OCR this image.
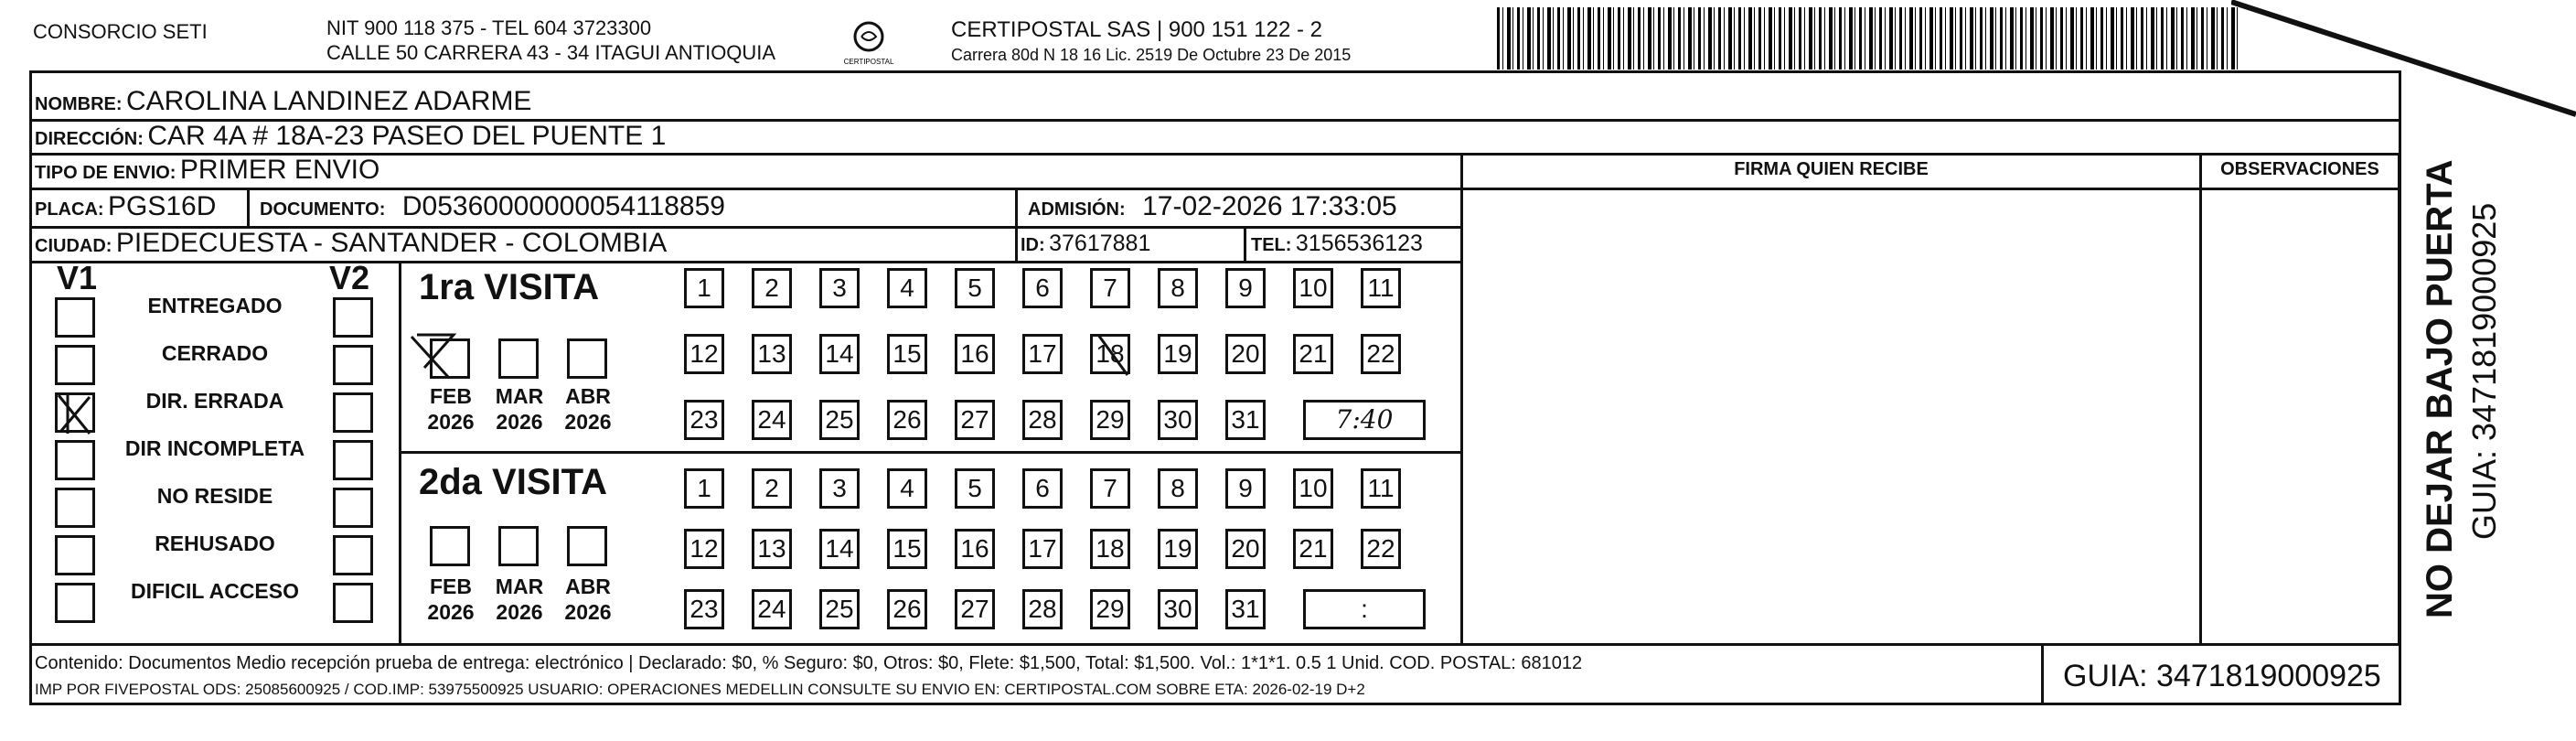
CONSORCIO SETI	NIT 900 118 375 - TEL 604 3723300
CALLE 50 CARRERA 43 - 34 ITAGUI ANTIOQUIA	CERTIPOSTAL
CERTIPOSTAL SAS | 900 151 122 - 2
Carrera 80d N 18 16 Lic. 2519 De Octubre 23 De 2015
NOMBRE: CAROLINA LANDINEZ ADARME
DIRECCIÓN: CAR 4A # 18A-23 PASEO DEL PUENTE 1
TIPO DE ENVIO: PRIMER ENVIO
PLACA: PGS16D DOCUMENTO: D05360000000054118859	ADMISIÓN: 17-02-2026 17:33:05
CIUDAD: PIEDECUESTA - SANTANDER - COLOMBIA	ID: 37617881	TEL: 3156536123
FIRMA QUIEN RECIBE	OBSERVACIONES
V1	V2
ENTREGADO
CERRADO
DIR. ERRADA
DIR INCOMPLETA
NO RESIDE
REHUSADO
DIFICIL ACCESO
1ra VISITA
2da VISITA
FEB
2026
MAR
2026
ABR
2026
FEB
2026
MAR
2026
ABR
2026
1	2	3	4	5	6	7	8	9	10 11
12 13 14 15 16 17 18 19 20 21 22
23 24 25 26 27 28 29 30 31	7:40
1	2	3	4	5	6	7	8	9	10 11
12 13 14 15 16 17 18 19 20 21 22
23 24 25 26 27 28 29 30 31	:
Contenido: Documentos Medio recepción prueba de entrega: electrónico | Declarado: $0, % Seguro: $0, Otros: $0, Flete: $1,500, Total: $1,500. Vol.: 1*1*1. 0.5 1 Unid. COD. POSTAL: 681012
IMP POR FIVEPOSTAL ODS: 25085600925 / COD.IMP: 53975500925 USUARIO: OPERACIONES MEDELLIN CONSULTE SU ENVIO EN: CERTIPOSTAL.COM SOBRE ETA: 2026-02-19 D+2	GUIA: 3471819000925
NO DEJAR BAJO PUERTA GUIA: 3471819000925
